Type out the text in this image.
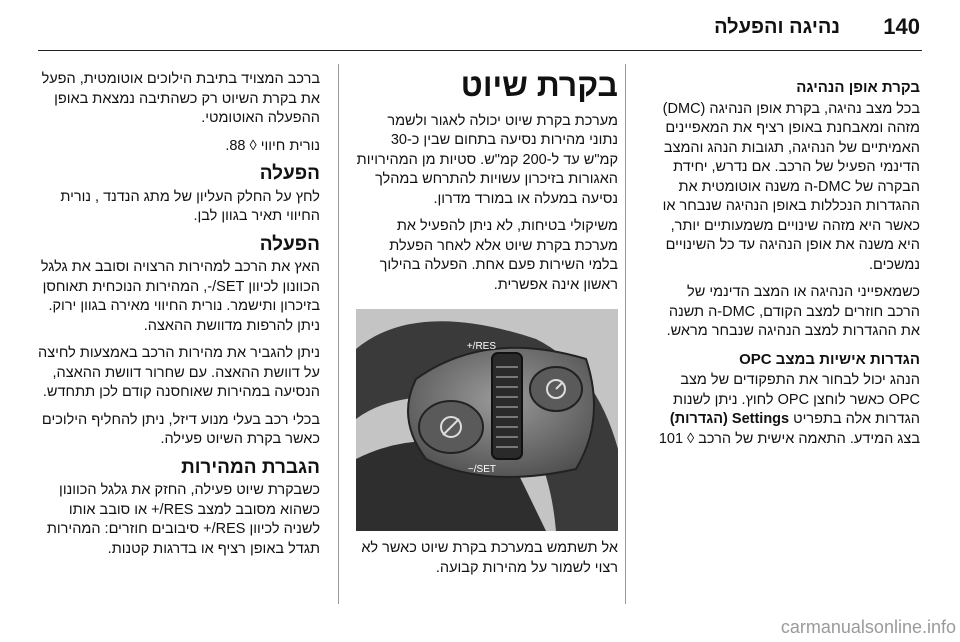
140
נהיגה והפעלה
בקרת אופן הנהיגה

בכל מצב נהיגה, בקרת אופן הנהיגה (DMC) מזהה ומאבחנת באופן רציף את המאפיינים האמיתיים של הנהיגה, תגובות הנהג והמצב הדינמי הפעיל של הרכב. אם נדרש, יחידת הבקרה של DMC-ה משנה אוטומטית את ההגדרות הנכללות באופן הנהיגה שנבחר או כאשר היא מזהה שינויים משמעותיים יותר, היא משנה את אופן הנהיגה עד כל השינויים נמשכים.

כשמאפייני הנהיגה או המצב הדינמי של הרכב חוזרים למצב הקודם, DMC-ה תשנה את ההגדרות למצב הנהיגה שנבחר מראש.

הגדרות אישיות במצב OPC

הנהג יכול לבחור את התפקודים של מצב OPC כאשר לוחצן OPC לחוץ. ניתן לשנות הגדרות אלה בתפריט Settings (הגדרות) בצג המידע. התאמה אישית של הרכב ◊ 101

בקרת שיוט

מערכת בקרת שיוט יכולה לאגור ולשמר נתוני מהירות נסיעה בתחום שבין כ-30 קמ"ש עד ל-200 קמ"ש. סטיות מן המהירויות האגורות בזיכרון עשויות להתרחש במהלך נסיעה במעלה או במורד מדרון.

משיקולי בטיחות, לא ניתן להפעיל את מערכת בקרת שיוט אלא לאחר הפעלת בלמי השירות פעם אחת. הפעלה בהילוך ראשון אינה אפשרית.

RES/+
SET/−

אל תשתמש במערכת בקרת שיוט כאשר לא רצוי לשמור על מהירות קבועה.

ברכב המצויד בתיבת הילוכים אוטומטית, הפעל את בקרת השיוט רק כשהתיבה נמצאת באופן ההפעלה האוטומטי.

נורית חיווי ◊ 88.

הפעלה

לחץ על החלק העליון של מתג הנדנד , נורית החיווי תאיר בגוון לבן.

הפעלה

האץ את הרכב למהירות הרצויה וסובב את גלגל הכוונון לכיוון SET/-, המהירות הנוכחית תאוחסן בזיכרון ותישמר. נורית החיווי מאירה בגוון ירוק. ניתן להרפות מדוושת ההאצה.

ניתן להגביר את מהירות הרכב באמצעות לחיצה על דוושת ההאצה. עם שחרור דוושת ההאצה, הנסיעה במהירות שאוחסנה קודם לכן תתחדש.

בכלי רכב בעלי מנוע דיזל, ניתן להחליף הילוכים כאשר בקרת השיוט פעילה.

הגברת המהירות

כשבקרת שיוט פעילה, החזק את גלגל הכוונון כשהוא מסובב למצב RES/+ או סובב אותו לשניה לכיוון RES/+ סיבובים חוזרים: המהירות תגדל באופן רציף או בדרגות קטנות.

carmanualsonline.info
